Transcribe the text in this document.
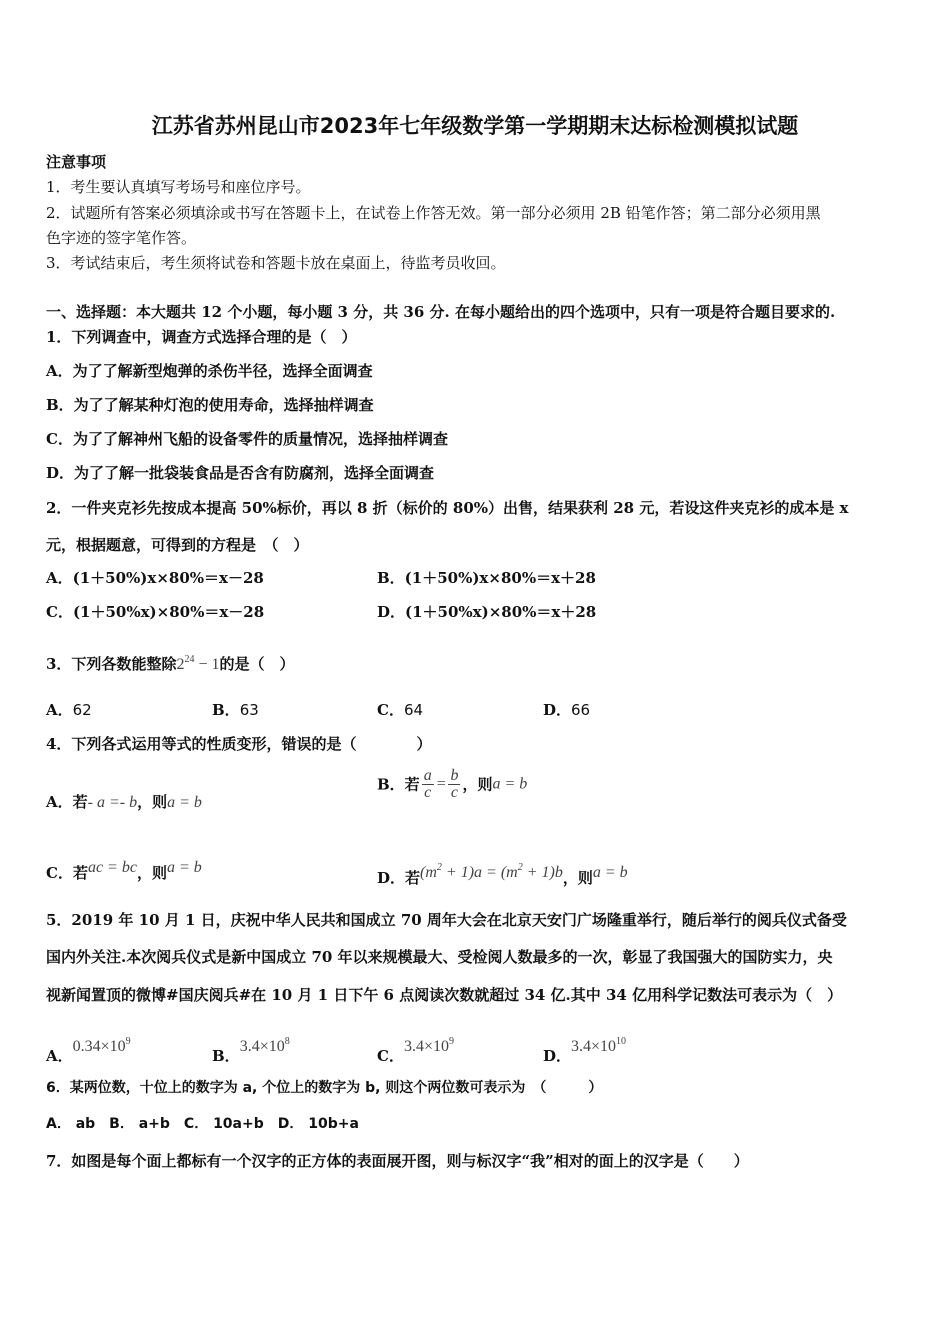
江苏省苏州昆山市2023年七年级数学第一学期期末达标检测模拟试题
注意事项
1．考生要认真填写考场号和座位序号。
2．试题所有答案必须填涂或书写在答题卡上，在试卷上作答无效。第一部分必须用 2B 铅笔作答；第二部分必须用黑
色字迹的签字笔作答。
3．考试结束后，考生须将试卷和答题卡放在桌面上，待监考员收回。
一、选择题：本大题共 12 个小题，每小题 3 分，共 36 分. 在每小题给出的四个选项中，只有一项是符合题目要求的.
1．下列调查中，调查方式选择合理的是（　）
A．为了了解新型炮弹的杀伤半径，选择全面调查
B．为了了解某种灯泡的使用寿命，选择抽样调查
C．为了了解神州飞船的设备零件的质量情况，选择抽样调查
D．为了了解一批袋装食品是否含有防腐剂，选择全面调查
2．一件夹克衫先按成本提高 50%标价，再以 8 折（标价的 80%）出售，结果获利 28 元，若设这件夹克衫的成本是 x
元，根据题意，可得到的方程是　（　）
A．(1＋50%)x×80%＝x－28	B．(1＋50%)x×80%＝x＋28
C．(1＋50%x)×80%＝x－28	D．(1＋50%x)×80%＝x＋28
3．下列各数能整除$2^{24} - 1$的是（　）
A．62	B．63	C．64	D．66
4．下列各式运用等式的性质变形，错误的是（　　　　）
A．若- a =- b，则a = b
B．若 $\frac{a}{c} = \frac{b}{c}$ ，则a = b
C．若ac = bc，则a = b
D．若$(m^2 + 1)a = (m^2 + 1)b$，则a = b
5．2019 年 10 月 1 日，庆祝中华人民共和国成立 70 周年大会在北京天安门广场隆重举行，随后举行的阅兵仪式备受
国内外关注.本次阅兵仪式是新中国成立 70 年以来规模最大、受检阅人数最多的一次，彰显了我国强大的国防实力，央
视新闻置顶的微博#国庆阅兵#在 10 月 1 日下午 6 点阅读次数就超过 34 亿.其中 34 亿用科学记数法可表示为（　）
A．$0.34\times 10^9$
B．$3.4\times 10^8$
C．$3.4\times 10^9$
D．$3.4\times 10^{10}$
6．某两位数，十位上的数字为 a, 个位上的数字为 b, 则这个两位数可表示为　（　　　）
A． ab　B． a+b　C． 10a+b　D． 10b+a
7．如图是每个面上都标有一个汉字的正方体的表面展开图，则与标汉字“我”相对的面上的汉字是（　　）
